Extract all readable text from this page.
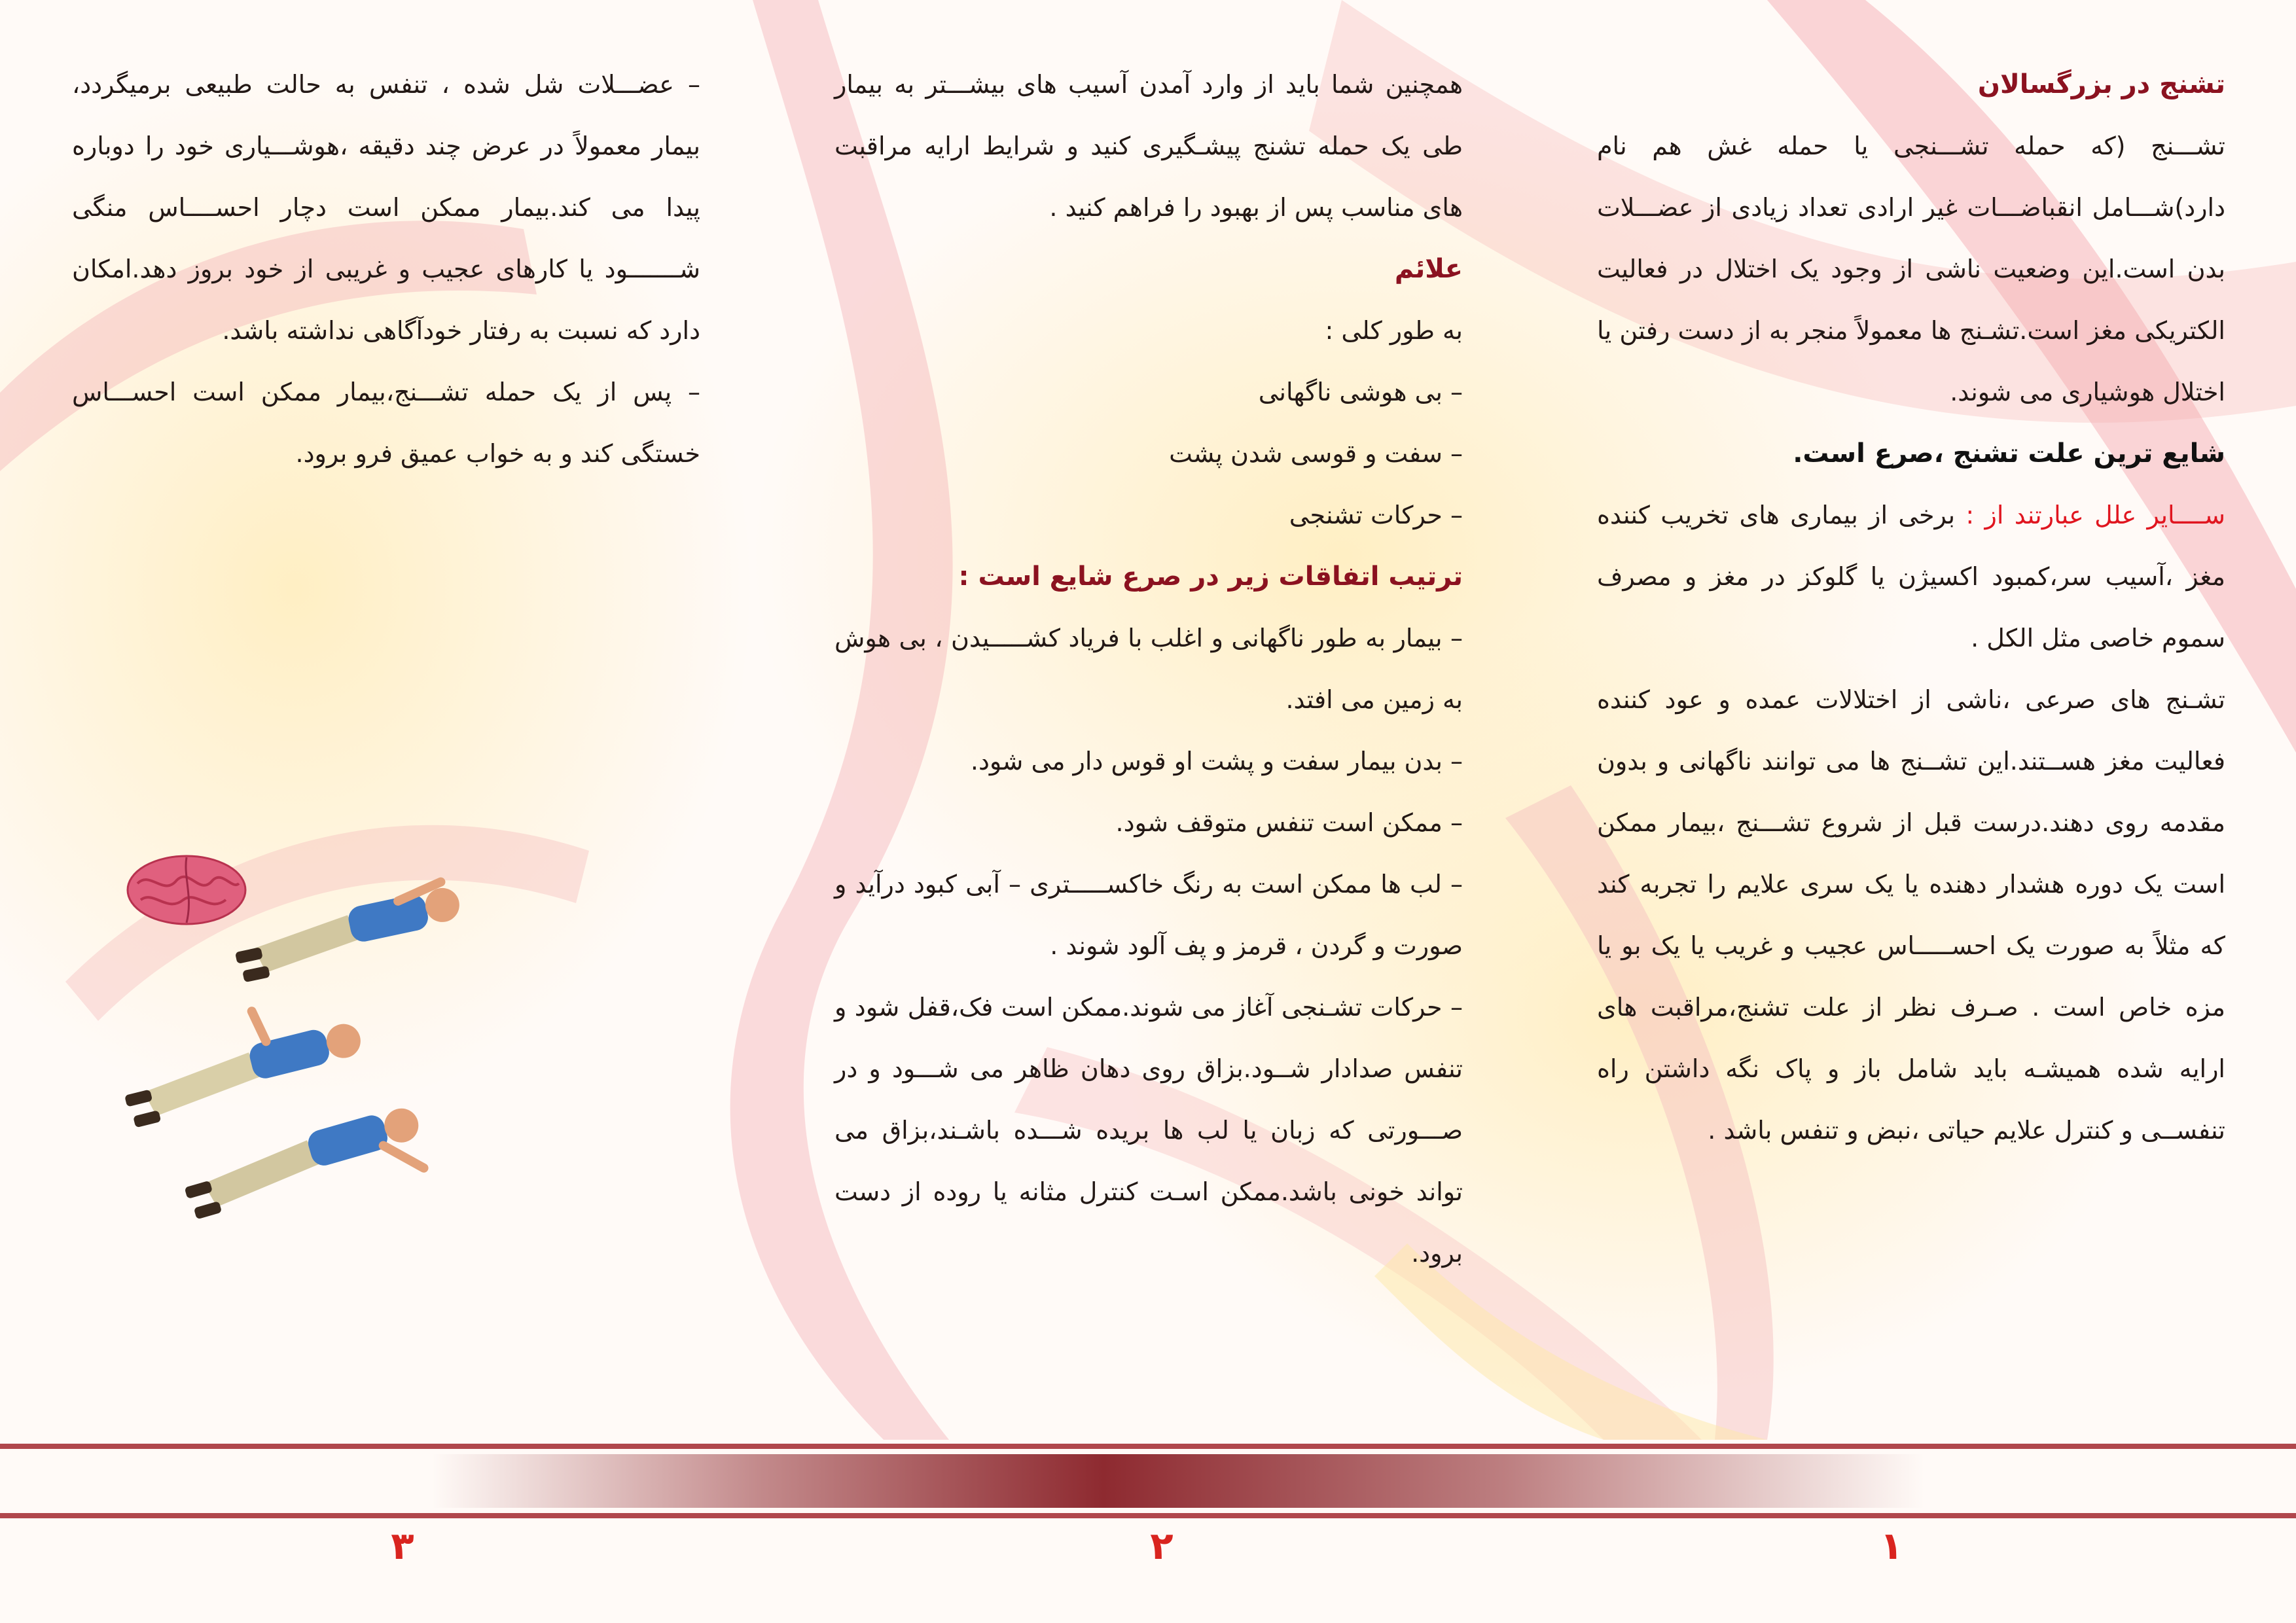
تشنج در بزرگسالان

تشـــنج (که حمله تشـــنجی یا حمله غش هم نام دارد)شـــامل انقباضـــات غیر ارادی تعداد زیادی از عضـــلات بدن است.این وضعیت ناشی از وجود یک اختلال در فعالیت الکتریکی مغز است.تشـنج ها معمولاً منجر به از دست رفتن یا اختلال هوشیاری می شوند.

شایع ترین علت تشنج ،صرع است.

ســــایر علل عبارتند از : برخی از بیماری های تخریب کننده مغز ،آسیب سر،کمبود اکسیژن یا گلوکز در مغز و مصرف سموم خاصی مثل الکل .

تشـنج های صرعی ،ناشی از اختلالات عمده و عود کننده فعالیت مغز هســتند.این تشــنج ها می توانند ناگهانی و بدون مقدمه روی دهند.درست قبل از شروع تشـــنج ،بیمار ممکن است یک دوره هشدار دهنده یا یک سری علایم را تجربه کند که مثلاً به صورت یک احســـــاس عجیب و غریب یا یک بو یا مزه خاص است . صـرف نظر از علت تشنج،مراقبت های ارایه شده همیشـه باید شامل باز و پاک نگه داشتن راه تنفســی و کنترل علایم حیاتی ،نبض و تنفس باشد .

همچنین شما باید از وارد آمدن آسیب های بیشـــتر به بیمار طی یک حمله تشنج پیشـگیری کنید و شرایط ارایه مراقبت های مناسب پس از بهبود را فراهم کنید .

علائم

به طور کلی :

– بی هوشی ناگهانی

– سفت و قوسی شدن پشت

– حرکات تشنجی

ترتیب اتفاقات زیر در صرع شایع است :

– بیمار به طور ناگهانی و اغلب با فریاد کشـــــیدن ، بی هوش به زمین می افتد.

– بدن بیمار سفت و پشت او قوس دار می شود.

– ممکن است تنفس متوقف شود.

– لب ها ممکن است به رنگ خاکســـــتری – آبی کبود درآید و صورت و گردن ، قرمز و پف آلود شوند .

– حرکات تشـنجی آغاز می شوند.ممکن است فک،قفل شود و تنفس صدادار شــود.بزاق روی دهان ظاهر می شـــود و در صـــورتی که زبان یا لب ها بریده شـــده باشـند،بزاق می تواند خونی باشد.ممکن اسـت کنترل مثانه یا روده از دست برود.

– عضـــلات شل شده ، تنفس به حالت طبیعی برمیگردد، بیمار معمولاً در عرض چند دقیقه ،هوشـــیاری خود را دوباره پیدا می کند.بیمار ممکن است دچار احســــاس منگی شـــــــود یا کارهای عجیب و غریبی از خود بروز دهد.امکان دارد که نسبت به رفتار خودآگاهی نداشته باشد.

– پس از یک حمله تشـــنج،بیمار ممکن است احســـاس خستگی کند و به خواب عمیق فرو برود.

۱
۲
۳
